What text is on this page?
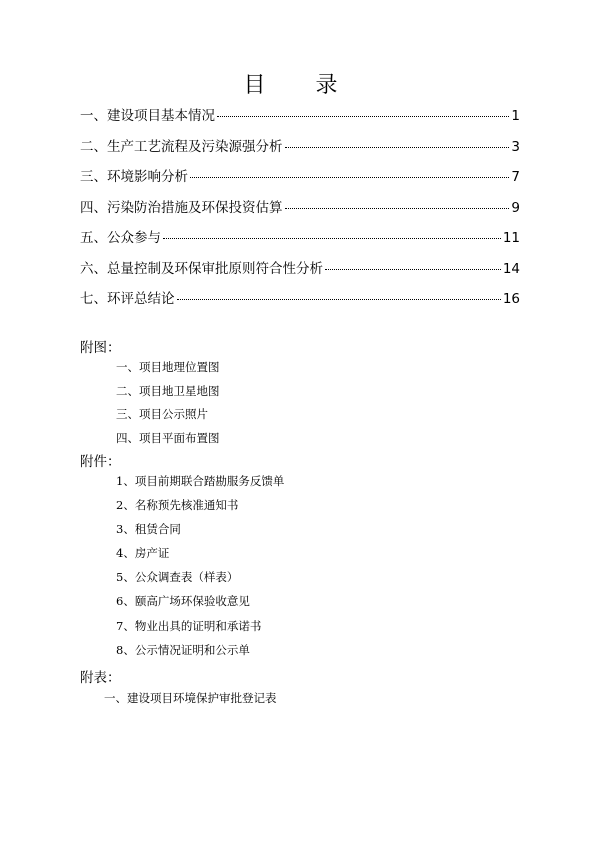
目　录
一、建设项目基本情况	1
二、生产工艺流程及污染源强分析	3
三、环境影响分析	7
四、污染防治措施及环保投资估算	9
五、公众参与	11
六、总量控制及环保审批原则符合性分析	14
七、环评总结论	16
附图：
一、项目地理位置图
二、项目地卫星地图
三、项目公示照片
四、项目平面布置图
附件：
1、项目前期联合踏勘服务反馈单
2、名称预先核准通知书
3、租赁合同
4、房产证
5、公众调查表（样表）
6、颐高广场环保验收意见
7、物业出具的证明和承诺书
8、公示情况证明和公示单
附表：
一、建设项目环境保护审批登记表
